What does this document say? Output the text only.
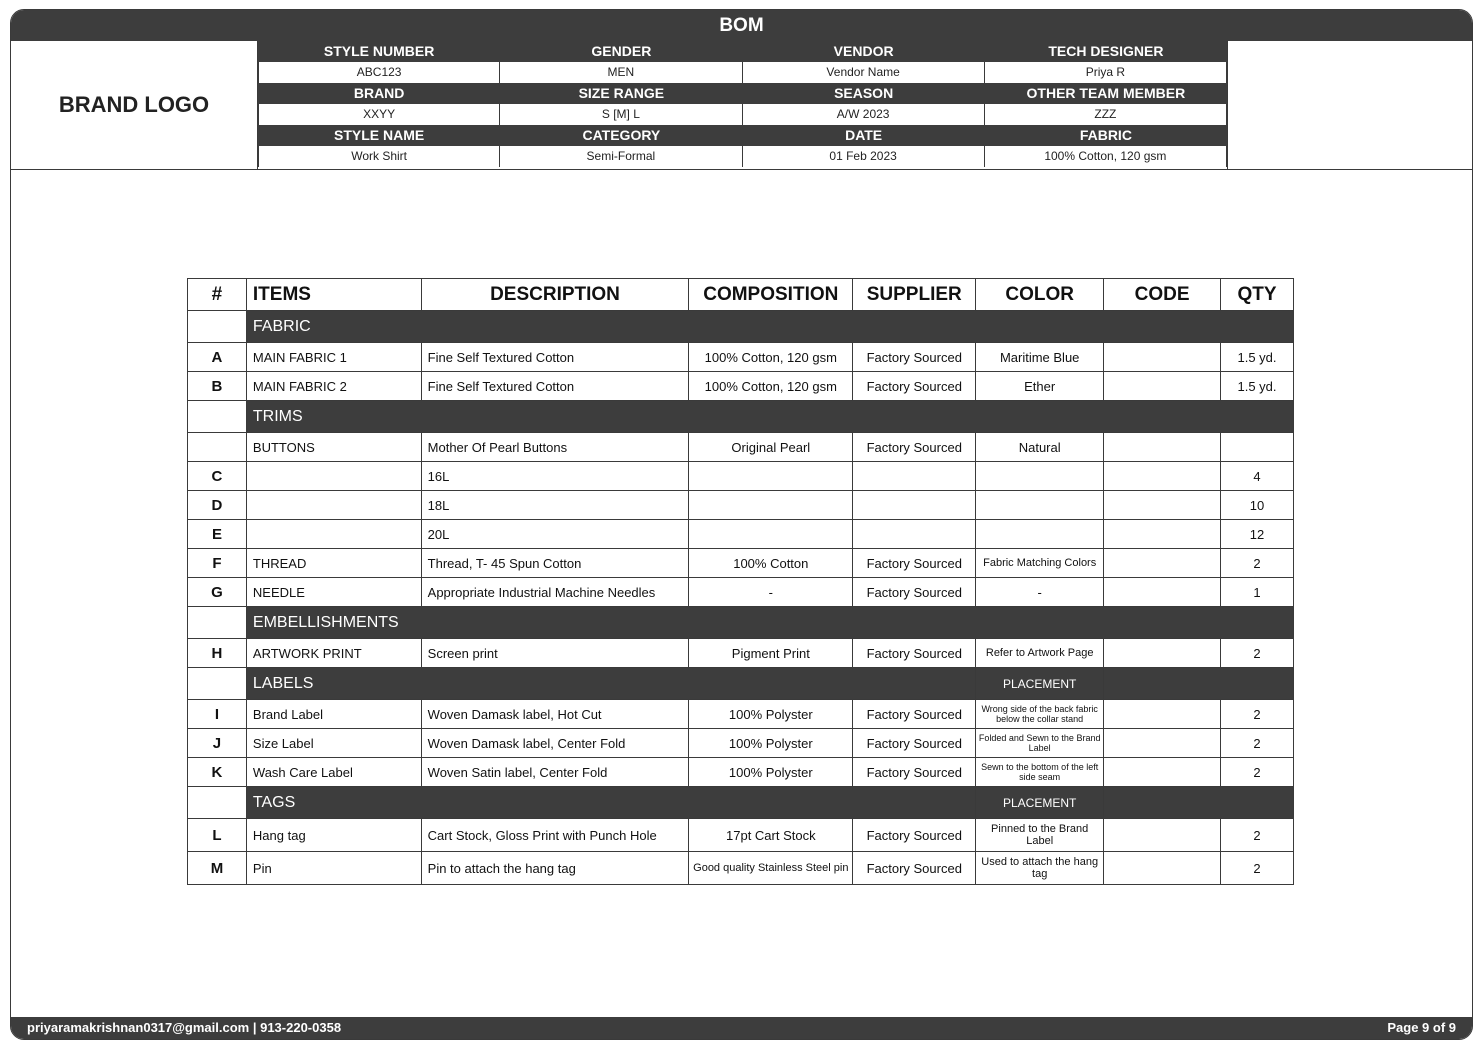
BOM
BRAND LOGO
STYLE NUMBER	GENDER	VENDOR	TECH DESIGNER
ABC123	MEN	Vendor Name	Priya R
BRAND	SIZE RANGE	SEASON	OTHER TEAM MEMBER
XXYY	S [M] L	A/W 2023	ZZZ
STYLE NAME	CATEGORY	DATE	FABRIC
Work Shirt	Semi-Formal	01 Feb 2023	100% Cotton, 120 gsm
priyaramakrishnan0317@gmail.com | 913-220-0358	Page 9 of 9
#	ITEMS	DESCRIPTION	COMPOSITION	SUPPLIER	COLOR	CODE	QTY
	FABRIC						
A	MAIN FABRIC 1	Fine Self Textured Cotton	100% Cotton, 120 gsm	Factory Sourced	Maritime Blue		1.5 yd.
B	MAIN FABRIC 2	Fine Self Textured Cotton	100% Cotton, 120 gsm	Factory Sourced	Ether		1.5 yd.
	TRIMS						
	BUTTONS	Mother Of Pearl Buttons	Original Pearl	Factory Sourced	Natural		
C		16L					4
D		18L					10
E		20L					12
F	THREAD	Thread, T- 45 Spun Cotton	100% Cotton	Factory Sourced	Fabric Matching Colors		2
G	NEEDLE	Appropriate Industrial Machine Needles	-	Factory Sourced	-		1
	EMBELLISHMENTS						
H	ARTWORK PRINT	Screen print	Pigment Print	Factory Sourced	Refer to Artwork Page		2
	LABELS				PLACEMENT		
I	Brand Label	Woven Damask label, Hot Cut	100% Polyster	Factory Sourced	Wrong side of the back fabric below the collar stand		2
J	Size Label	Woven Damask label, Center Fold	100% Polyster	Factory Sourced	Folded and Sewn to the Brand Label		2
K	Wash Care Label	Woven Satin label, Center Fold	100% Polyster	Factory Sourced	Sewn to the bottom of the left side seam		2
	TAGS				PLACEMENT		
L	Hang tag	Cart Stock, Gloss Print with Punch Hole	17pt Cart Stock	Factory Sourced	Pinned to the Brand Label		2
M	Pin	Pin to attach the hang tag	Good quality Stainless Steel pin	Factory Sourced	Used to attach the hang tag		2
